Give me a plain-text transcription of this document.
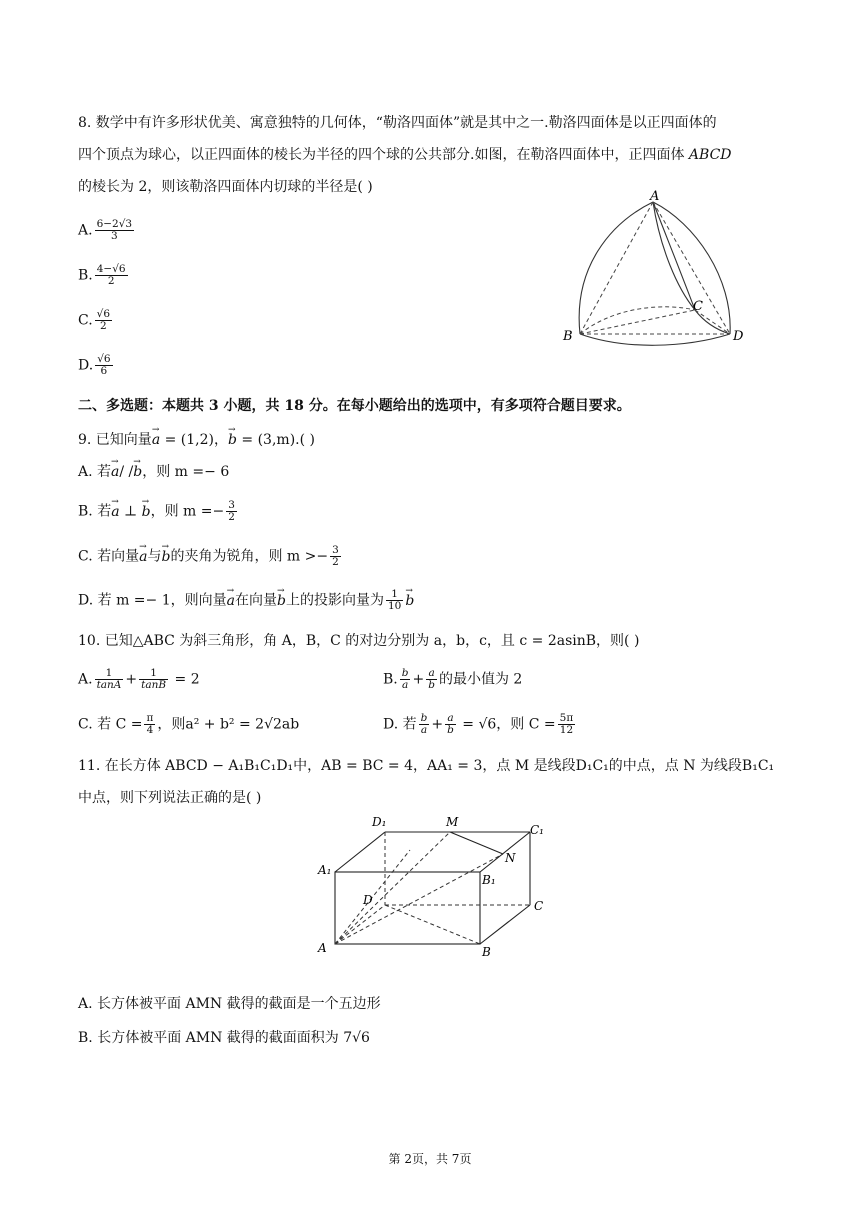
8. 数学中有许多形状优美、寓意独特的几何体，“勒洛四面体”就是其中之一.勒洛四面体是以正四面体的
四个顶点为球心，以正四面体的棱长为半径的四个球的公共部分.如图，在勒洛四面体中，正四面体 ABCD
的棱长为 2，则该勒洛四面体内切球的半径是( )
A. $\frac{6-2√3}{3}$
B. $\frac{4-√6}{2}$
C. $\frac{√6}{2}$
D. $\frac{√6}{6}$
A
B
C
D
二、多选题：本题共 3 小题，共 18 分。在每小题给出的选项中，有多项符合题目要求。
9. 已知向量→ a = (1,2)，→ b = (3,m).( )
A. 若→ a/ /→ b，则 m =− 6
B. 若→ a ⊥ → b，则 $m =- \frac{3}{2}$
C. 若向量→ a与→ b的夹角为锐角，则 $m >- \frac{3}{2}$
D. 若 m =− 1，则向量→ a在向量→ b上的投影向量为 $\frac{1}{10}$
→ b
10. 已知△ABC 为斜三角形，角 A，B，C 的对边分别为 a，b，c，且 c = 2asinB，则( )
A. $\frac{1}{\tan A} + \frac{1}{\tan B} = 2$	B. $\frac{b}{a} + \frac{a}{b}$ 的最小值为 2
C. 若 $C = \frac{\pi}{4}$ ，则a² + b² = 2√2ab	D. 若 $\frac{b}{a} + \frac{a}{b} = √6$，则 $C = \frac{5\pi}{12}$
11. 在长方体 ABCD − A₁B₁C₁D₁中，AB = BC = 4，AA₁ = 3，点 M 是线段D₁C₁的中点，点 N 为线段B₁C₁
中点，则下列说法正确的是( )
D₁	M
C₁
A₁
B₁
N
D	C
A	B
A. 长方体被平面 AMN 截得的截面是一个五边形
B. 长方体被平面 AMN 截得的截面面积为 7√6
第 2页，共 7页
